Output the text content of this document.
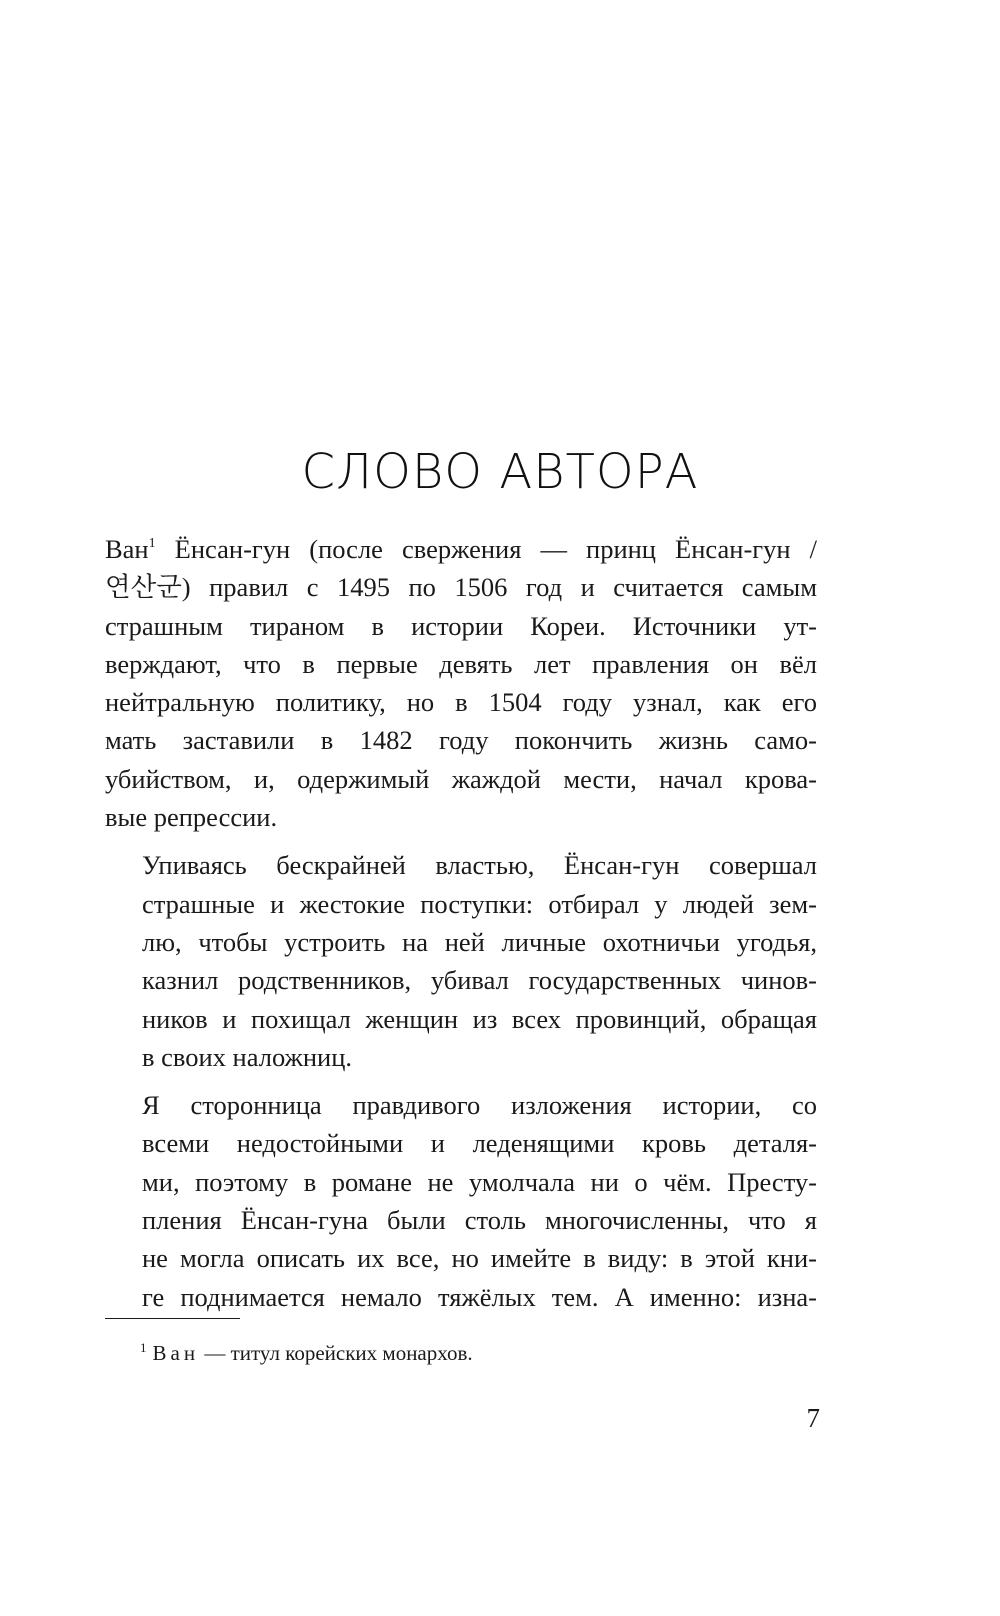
СЛОВО АВТОРА

Ван$^1$ Ёнсан-гун (после свержения — принц Ёнсан-гун /
연산군) правил с 1495 по 1506 год и считается самым
страшным тираном в истории Кореи. Источники ут-
верждают, что в первые девять лет правления он вёл
нейтральную политику, но в 1504 году узнал, как его
мать заставили в 1482 году покончить жизнь само-
убийством, и, одержимый жаждой мести, начал крова-
вые репрессии.

Упиваясь бескрайней властью, Ёнсан-гун совершал
страшные и жестокие поступки: отбирал у людей зем-
лю, чтобы устроить на ней личные охотничьи угодья,
казнил родственников, убивал государственных чинов-
ников и похищал женщин из всех провинций, обращая
в своих наложниц.

Я сторонница правдивого изложения истории, со
всеми недостойными и леденящими кровь деталя-
ми, поэтому в романе не умолчала ни о чём. Престу-
пления Ёнсан-гуна были столь многочисленны, что я
не могла описать их все, но имейте в виду: в этой кни-
ге поднимается немало тяжёлых тем. А именно: изна-

$^1$ Ван — титул корейских монархов.
7
